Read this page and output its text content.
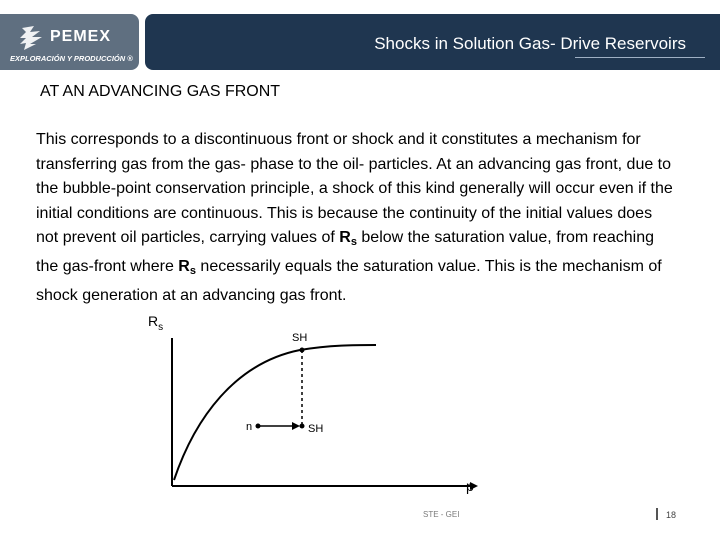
PEMEX
EXPLORACIÓN Y PRODUCCIÓN ®
Shocks in Solution Gas- Drive Reservoirs
AT AN ADVANCING GAS FRONT
This corresponds to a discontinuous front or shock and it constitutes a mechanism for transferring gas from the gas- phase to the oil- particles. At an advancing gas front, due to the bubble-point conservation principle, a shock of this kind generally will occur even if the initial conditions are continuous. This is because the continuity of the initial values does not prevent oil particles, carrying values of $R_s$ below the saturation value, from reaching the gas-front where $R_s$ necessarily equals the saturation value. This is the mechanism of shock generation at an advancing gas front.
$R_s$
p
n
SH
SH
STE - GEI	18
